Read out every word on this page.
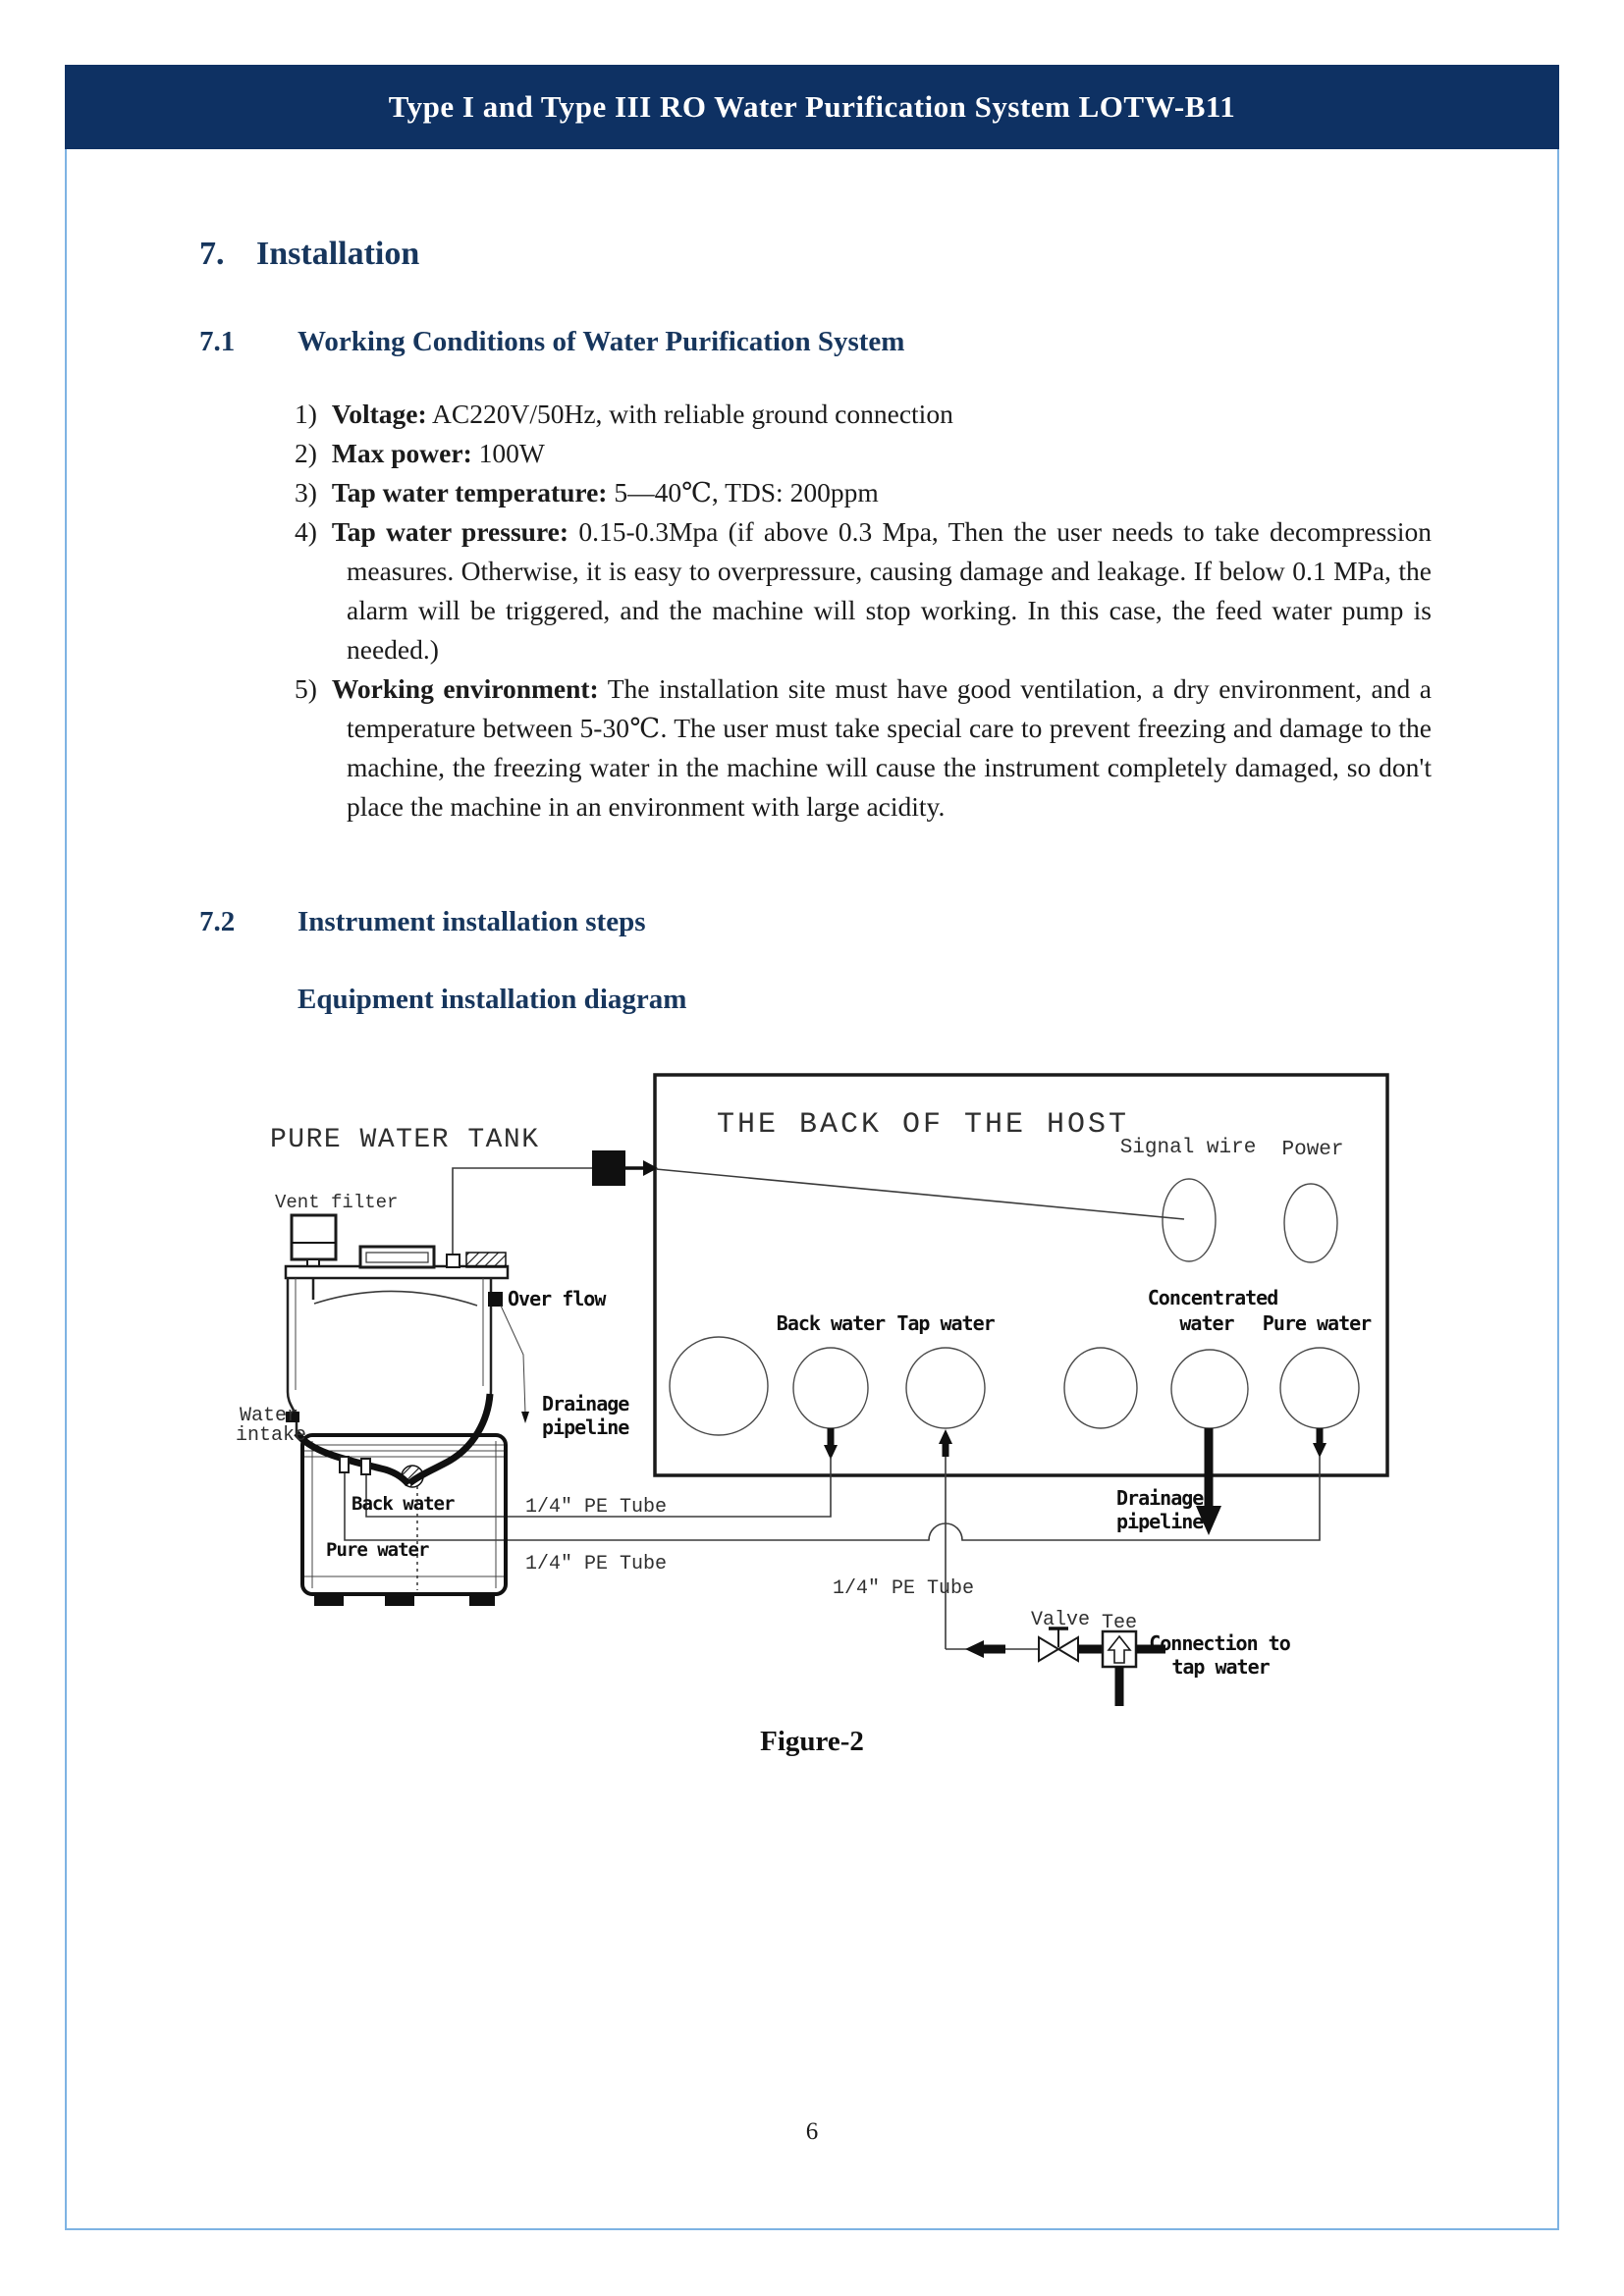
Type I and Type III RO Water Purification System LOTW-B11
7. Installation
7.1	Working Conditions of Water Purification System
1) Voltage: AC220V/50Hz, with reliable ground connection
2) Max power: 100W
3) Tap water temperature: 5―40℃, TDS: 200ppm
4) Tap water pressure: 0.15-0.3Mpa (if above 0.3 Mpa, Then the user needs to take decompression measures. Otherwise, it is easy to overpressure, causing damage and leakage. If below 0.1 MPa, the alarm will be triggered, and the machine will stop working. In this case, the feed water pump is needed.)
5) Working environment: The installation site must have good ventilation, a dry environment, and a temperature between 5-30℃. The user must take special care to prevent freezing and damage to the machine, the freezing water in the machine will cause the instrument completely damaged, so don't place the machine in an environment with large acidity.
7.2	Instrument installation steps
Equipment installation diagram
THE BACK OF THE HOST
Signal wire Power
Back water Tap water
Concentrated
water Pure water
Drainage
pipeline
Valve Tee
Connection to
tap water
1/4″ PE Tube
1/4″ PE Tube
1/4″ PE Tube
PURE WATER TANK
Vent filter
Water
intake
Over flow
Drainage
pipeline
Back water
Pure water
Figure-2
6
